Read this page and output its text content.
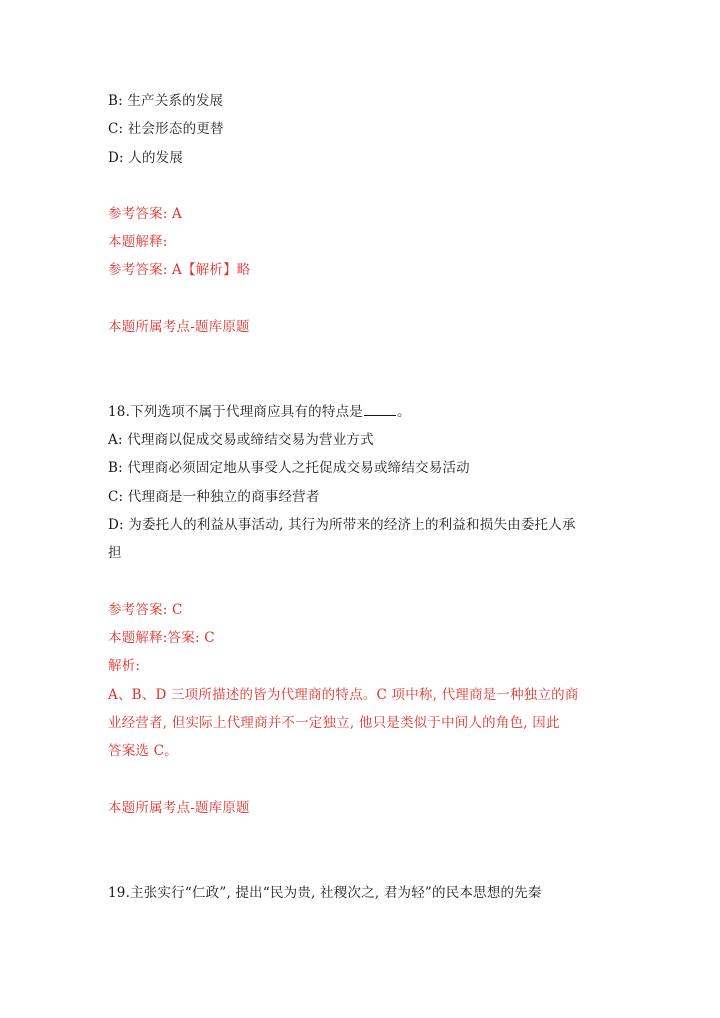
B: 生产关系的发展
C: 社会形态的更替
D: 人的发展
参考答案: A
本题解释:
参考答案: A【解析】略
本题所属考点-题库原题
18.下列选项不属于代理商应具有的特点是	。
A: 代理商以促成交易或缔结交易为营业方式
B: 代理商必须固定地从事受人之托促成交易或缔结交易活动
C: 代理商是一种独立的商事经营者
D: 为委托人的利益从事活动, 其行为所带来的经济上的利益和损失由委托人承
担
参考答案: C
本题解释:答案: C
解析:
A、B、D 三项所描述的皆为代理商的特点。C 项中称, 代理商是一种独立的商
业经营者, 但实际上代理商并不一定独立, 他只是类似于中间人的角色, 因此
答案选 C。
本题所属考点-题库原题
19.主张实行“仁政”, 提出“民为贵, 社稷次之, 君为轻”的民本思想的先秦
